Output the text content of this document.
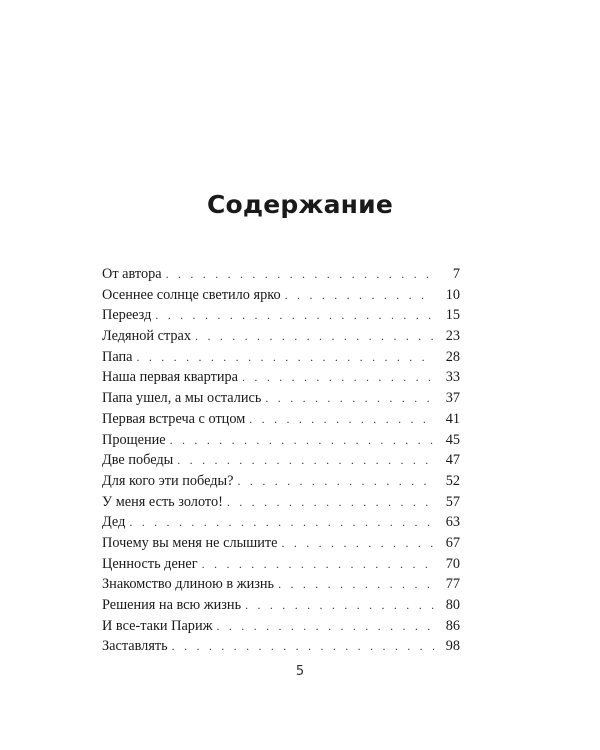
Содержание
От автора . . .	7
Осеннее солнце светило ярко . . .	10
Переезд . . .	15
Ледяной страх . . .	23
Папа . . .	28
Наша первая квартира . . .	33
Папа ушел, а мы остались . . .	37
Первая встреча с отцом . . .	41
Прощение . . .	45
Две победы . . .	47
Для кого эти победы? . . .	52
У меня есть золото! . . .	57
Дед . . .	63
Почему вы меня не слышите . . .	67
Ценность денег . . .	70
Знакомство длиною в жизнь . . .	77
Решения на всю жизнь . . .	80
И все-таки Париж . . .	86
Заставлять . . .	98
5
